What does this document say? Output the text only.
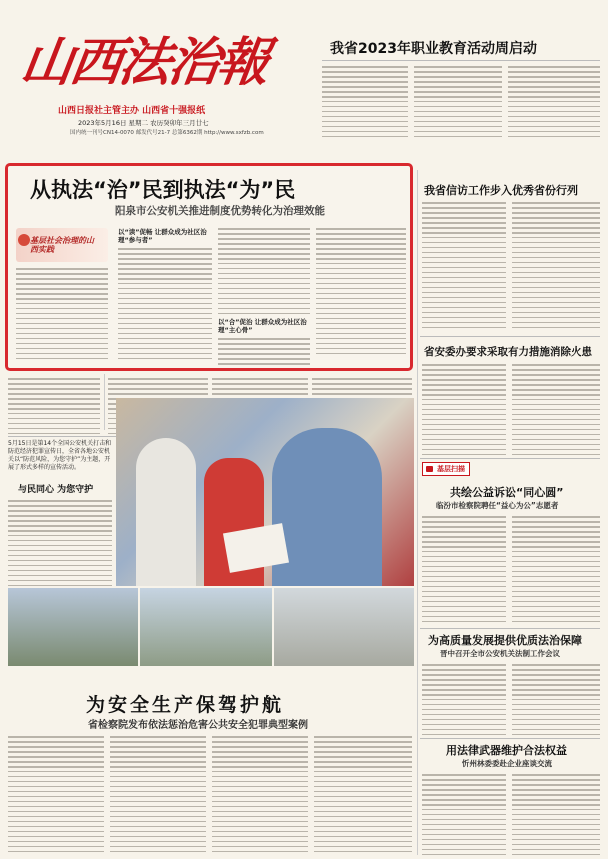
山西法治報
山西日报社主管主办 山西省十强报纸
2023年5月16日 星期二 农历癸卯年三月廿七
国内统一刊号CN14-0070 邮发代号21-7 总第6362期 http://www.sxfzb.com
我省2023年职业教育活动周启动
从执法“治”民到执法“为”民
阳泉市公安机关推进制度优势转化为治理效能
基层社会治理的山西实践
以“读”促畅 让群众成为社区治理“参与者”
以“合”促治 让群众成为社区治理“主心骨”
我省信访工作步入优秀省份行列
省安委办要求采取有力措施消除火患
基层扫描
共绘公益诉讼“同心圆”
临汾市检察院聘任“益心为公”志愿者
为高质量发展提供优质法治保障
晋中召开全市公安机关法制工作会议
用法律武器维护合法权益
忻州林委委赴企业座谈交流
5月15日是第14个全国公安机关打击和防范经济犯罪宣传日，全省各地公安机关以“防范风险，为您守护”为主题，开展了形式多样的宣传活动。
与民同心 为您守护
为安全生产保驾护航
省检察院发布依法惩治危害公共安全犯罪典型案例
